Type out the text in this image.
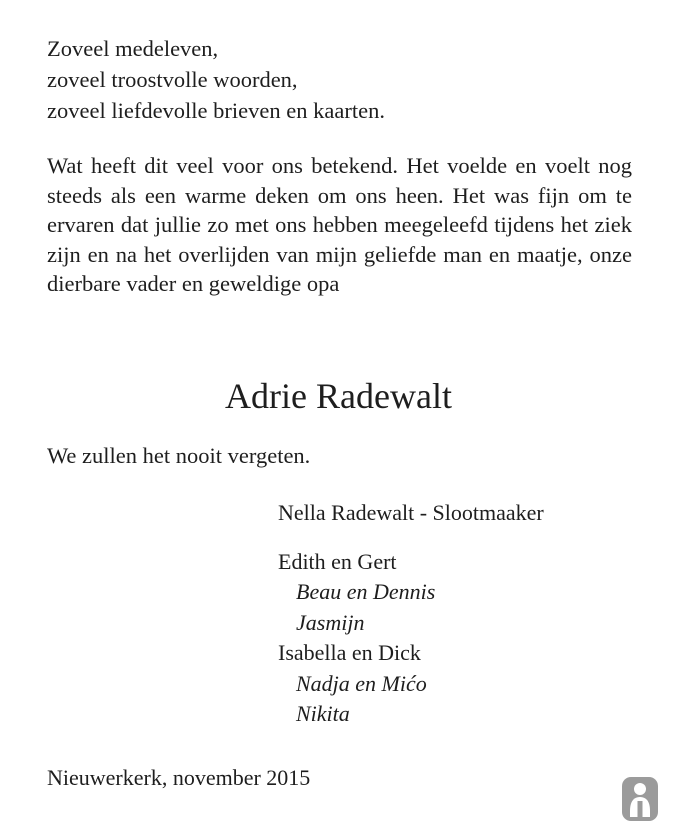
Zoveel medeleven,
zoveel troostvolle woorden,
zoveel liefdevolle brieven en kaarten.
Wat heeft dit veel voor ons betekend. Het voelde en voelt nog steeds als een warme deken om ons heen. Het was fijn om te ervaren dat jullie zo met ons hebben meegeleefd tijdens het ziek zijn en na het overlijden van mijn geliefde man en maatje, onze dierbare vader en geweldige opa
Adrie Radewalt
We zullen het nooit vergeten.
Nella Radewalt - Slootmaaker
Edith en Gert
Beau en Dennis
Jasmijn
Isabella en Dick
Nadja en Mićo
Nikita
Nieuwerkerk, november 2015
